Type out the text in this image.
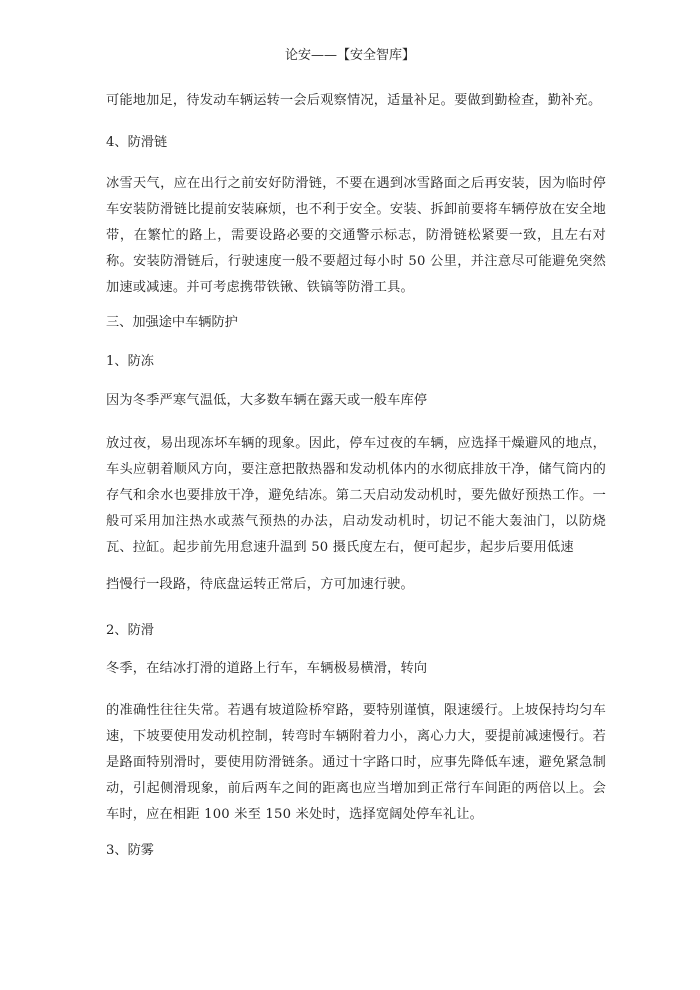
论安——【安全智库】
可能地加足，待发动车辆运转一会后观察情况，适量补足。要做到勤检查，勤补充。
4、防滑链
冰雪天气，应在出行之前安好防滑链，不要在遇到冰雪路面之后再安装，因为临时停车安装防滑链比提前安装麻烦，也不利于安全。安装、拆卸前要将车辆停放在安全地带，在繁忙的路上，需要设路必要的交通警示标志，防滑链松紧要一致，且左右对称。安装防滑链后，行驶速度一般不要超过每小时 50 公里，并注意尽可能避免突然加速或减速。并可考虑携带铁锹、铁镐等防滑工具。
三、加强途中车辆防护
1、防冻
因为冬季严寒气温低，大多数车辆在露天或一般车库停
放过夜，易出现冻坏车辆的现象。因此，停车过夜的车辆，应选择干燥避风的地点，车头应朝着顺风方向，要注意把散热器和发动机体内的水彻底排放干净，储气筒内的存气和余水也要排放干净，避免结冻。第二天启动发动机时，要先做好预热工作。一般可采用加注热水或蒸气预热的办法，启动发动机时，切记不能大轰油门，以防烧瓦、拉缸。起步前先用怠速升温到 50 摄氏度左右，便可起步，起步后要用低速
挡慢行一段路，待底盘运转正常后，方可加速行驶。
2、防滑
冬季，在结冰打滑的道路上行车，车辆极易横滑，转向
的准确性往往失常。若遇有坡道险桥窄路，要特别谨慎，限速缓行。上坡保持均匀车速，下坡要使用发动机控制，转弯时车辆附着力小，离心力大，要提前减速慢行。若是路面特别滑时，要使用防滑链条。通过十字路口时，应事先降低车速，避免紧急制动，引起侧滑现象，前后两车之间的距离也应当增加到正常行车间距的两倍以上。会车时，应在相距 100 米至 150 米处时，选择宽阔处停车礼让。
3、防雾
